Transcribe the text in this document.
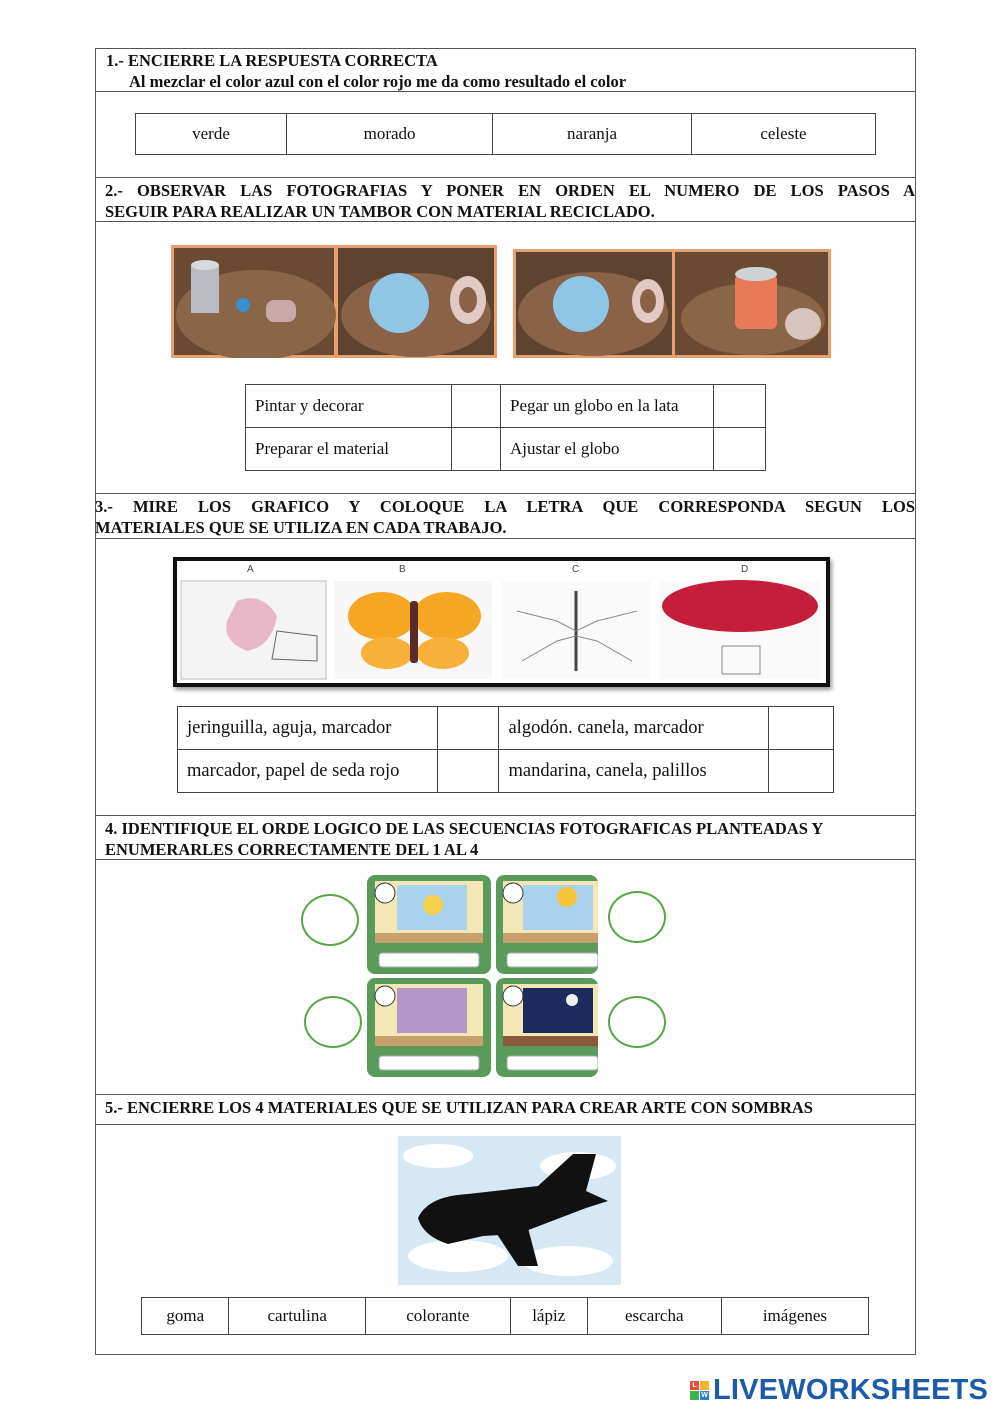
1.- ENCIERRE LA RESPUESTA CORRECTA
Al mezclar el color azul con el color rojo me da como resultado el color
verde	morado	naranja	celeste
2.- OBSERVAR LAS FOTOGRAFIAS Y PONER EN ORDEN EL NUMERO DE LOS PASOS A
SEGUIR PARA REALIZAR UN TAMBOR CON MATERIAL RECICLADO.
Pintar y decorar		Pegar un globo en la lata	
Preparar el material		Ajustar el globo	
3.- MIRE LOS GRAFICO Y COLOQUE LA LETRA QUE CORRESPONDA SEGUN LOS
MATERIALES QUE SE UTILIZA EN CADA TRABAJO.
A	B	C	D
jeringuilla, aguja, marcador		algodón. canela, marcador	
marcador, papel de seda rojo		mandarina, canela, palillos	
4. IDENTIFIQUE EL ORDE LOGICO DE LAS SECUENCIAS FOTOGRAFICAS PLANTEADAS Y
ENUMERARLES CORRECTAMENTE DEL 1 AL 4
5.- ENCIERRE LOS 4 MATERIALES QUE SE UTILIZAN PARA CREAR ARTE CON SOMBRAS
goma	cartulina	colorante	lápiz	escarcha	imágenes
L
W LIVEWORKSHEETS
